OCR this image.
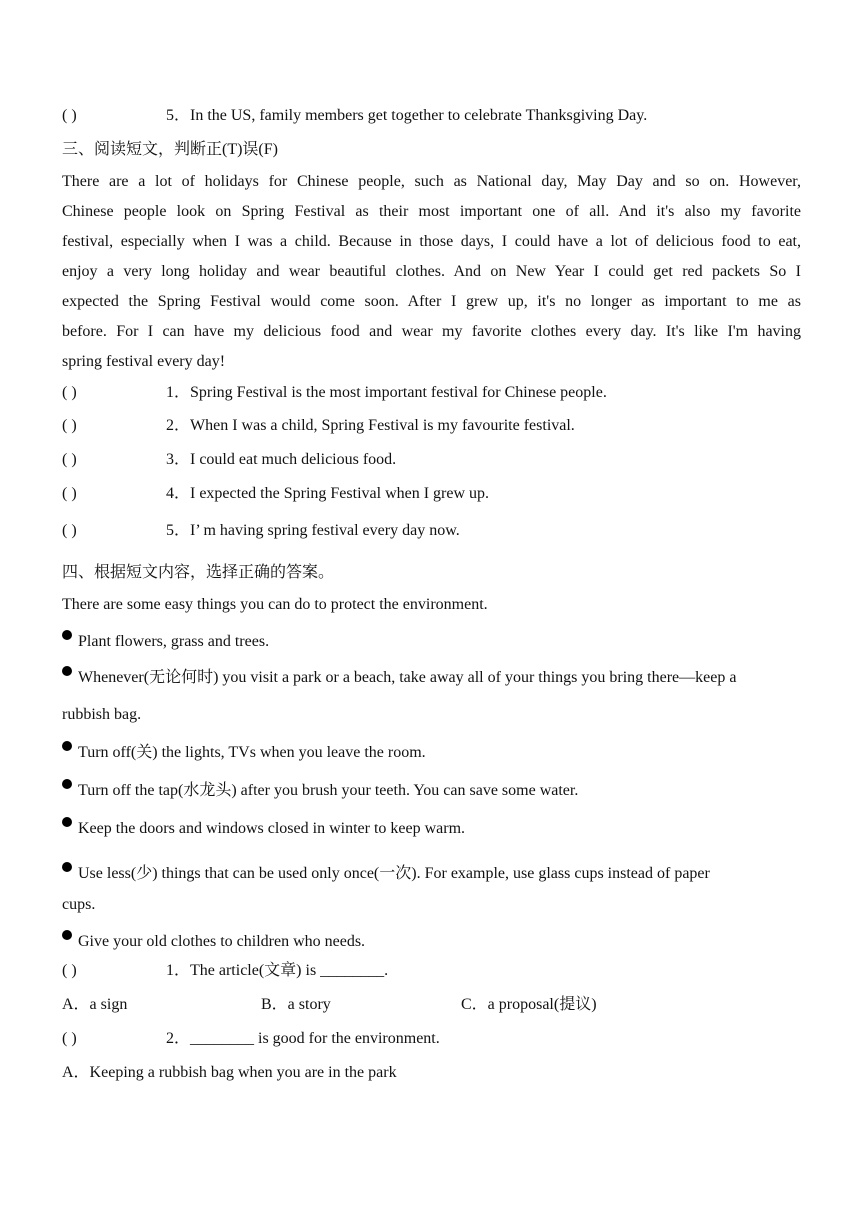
( )	5．In the US, family members get together to celebrate Thanksgiving Day.
三、阅读短文，判断正(T)误(F)
There are a lot of holidays for Chinese people, such as National day, May Day and so on. However,
Chinese people look on Spring Festival as their most important one of all. And it's also my favorite
festival, especially when I was a child. Because in those days, I could have a lot of delicious food to eat,
enjoy a very long holiday and wear beautiful clothes. And on New Year I could get red packets So I
expected the Spring Festival would come soon. After I grew up, it's no longer as important to me as
before. For I can have my delicious food and wear my favorite clothes every day. It's like I'm having
spring festival every day!
( )	1．Spring Festival is the most important festival for Chinese people.
( )	2．When I was a child, Spring Festival is my favourite festival.
( )	3．I could eat much delicious food.
( )	4．I expected the Spring Festival when I grew up.
( )	5．I’ m having spring festival every day now.
四、根据短文内容，选择正确的答案。
There are some easy things you can do to protect the environment.
Plant flowers, grass and trees.
Whenever(无论何时) you visit a park or a beach, take away all of your things you bring there—keep a
rubbish bag.
Turn off(关) the lights, TVs when you leave the room.
Turn off the tap(水龙头) after you brush your teeth. You can save some water.
Keep the doors and windows closed in winter to keep warm.
Use less(少) things that can be used only once(一次). For example, use glass cups instead of paper
cups.
Give your old clothes to children who needs.
( )	1．The article(文章) is ________.
A．a sign	B．a story	C．a proposal(提议)
( )	2．________ is good for the environment.
A．Keeping a rubbish bag when you are in the park
